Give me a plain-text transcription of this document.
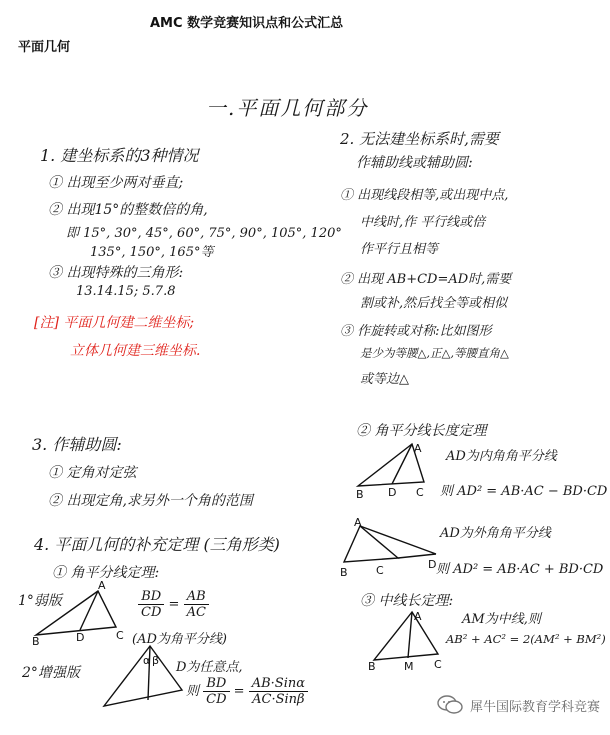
AMC 数学竞赛知识点和公式汇总
平面几何
一.平面几何部分
1. 建坐标系的3种情况
① 出现至少两对垂直;
② 出现15°的整数倍的角,
即 15°, 30°, 45°, 60°, 75°, 90°, 105°, 120°
135°, 150°, 165°等
③ 出现特殊的三角形:
13.14.15; 5.7.8
[注] 平面几何建二维坐标;
立体几何建三维坐标.
3. 作辅助圆:
① 定角对定弦
② 出现定角,求另外一个角的范围
4. 平面几何的补充定理 (三角形类)
① 角平分线定理:
1°弱版
A
B	D	C
$\frac{BD}{CD} = \frac{AB}{AC}$
(AD为角平分线)
2°增强版
α β D为任意点,
则 $\frac{BD}{CD} = \frac{\text{AB·Sinα}}{\text{AC·Sinβ}}$
2. 无法建坐标系时,需要
作辅助线或辅助圆:
① 出现线段相等,或出现中点,
中线时,作 平行线或倍
作平行且相等
② 出现 AB+CD=AD时,需要
割或补,然后找全等或相似
③ 作旋转或对称:比如图形
是少为等腰△,正△,等腰直角△
或等边△
② 角平分线长度定理
A
B D C
AD为内角角平分线
则 AD² = AB·AC − BD·CD
A
B	C	D
AD为外角角平分线
则 AD² = AB·AC + BD·CD
③ 中线长定理:
A
B	M C
AM为中线,则
AB² + AC² = 2(AM² + BM²)
犀牛国际教育学科竞赛
